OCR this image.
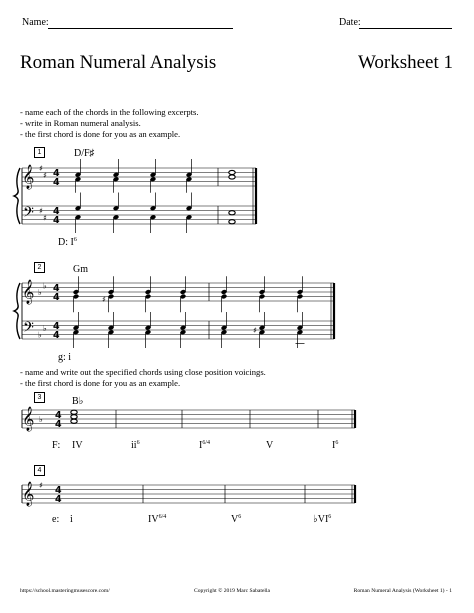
Name:	Date:
Roman Numeral Analysis	Worksheet 1
- name each of the chords in the following excerpts.
- write in Roman numeral analysis.
- the first chord is done for you as an example.
- name and write out the specified chords using close position voicings.
- the first chord is done for you as an example.
1
2
3
4
D/F♯
Gm
B♭
D: $I^6$
g: i
F: IV	$ii^6$	$I^{6/4}$	V	$I^6$
e: i	$IV^{6/4}$	$V^6$	$♭VI^6$
𝄞
𝄢
♯
♯
♯
♯
4
4
4
4
𝄞
𝄢
♭
♭
♭
♭
4
4
4
4
♯
♯
𝄞 ♭ 4
4
𝄞 ♯ 4
4
https://school.masteringmusescore.com/	Copyright © 2019 Marc Sabatella	Roman Numeral Analysis (Worksheet 1) - 1
